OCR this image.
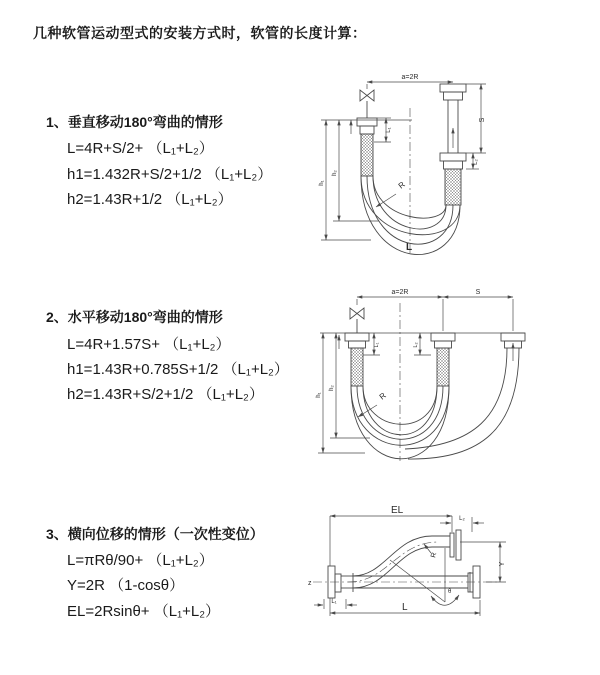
几种软管运动型式的安装方式时，软管的长度计算：
1、垂直移动180°弯曲的情形
L=4R+S/2+ （L₁+L₂）
h1=1.432R+S/2+1/2 （L₁+L₂）
h2=1.43R+1/2 （L₁+L₂）
2、水平移动180°弯曲的情形
L=4R+1.57S+ （L₁+L₂）
h1=1.43R+0.785S+1/2 （L₁+L₂）
h2=1.43R+S/2+1/2 （L₁+L₂）
3、横向位移的情形（一次性变位）
L=πRθ/90+ （L₁+L₂）
Y=2R （1-cosθ）
EL=2Rsinθ+ （L₁+L₂）
a=2R
L₁
S
L₂
h₁
h₂
R
L
a=2R	S
L₁	L₂
h₁
h₂
R
EL
L₂
L₁	L
Y
R
θ
z
